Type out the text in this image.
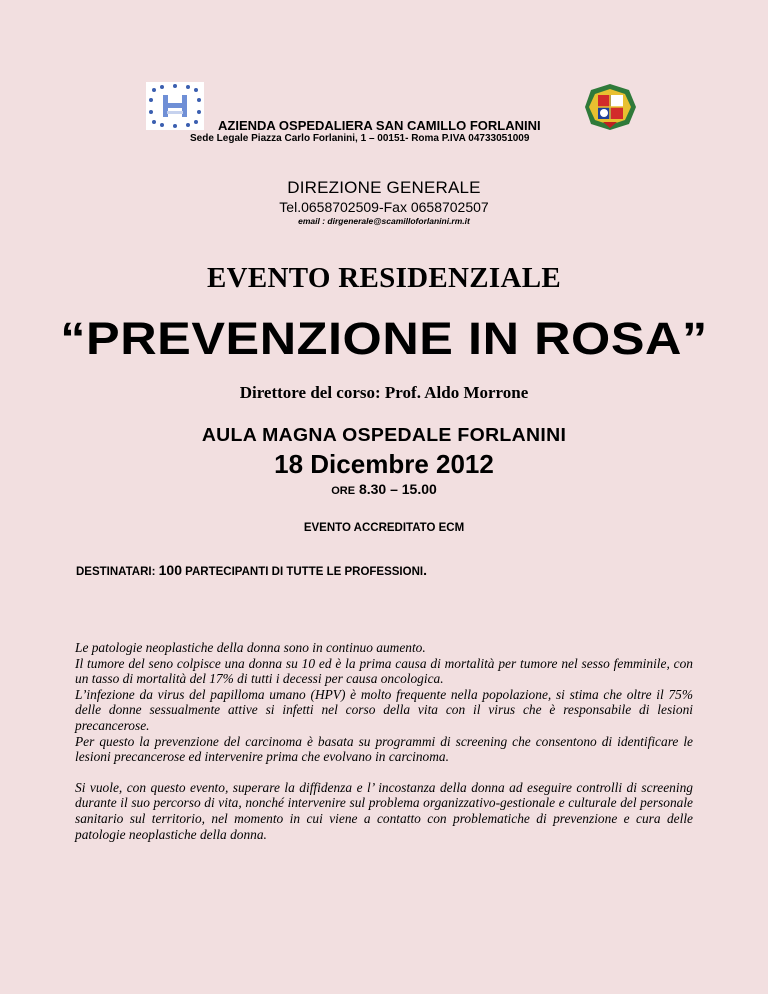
AZIENDA OSPEDALIERA SAN CAMILLO FORLANINI
Sede Legale Piazza Carlo Forlanini, 1 – 00151- Roma P.IVA 04733051009
DIREZIONE GENERALE
Tel.0658702509-Fax 0658702507
email : dirgenerale@scamilloforlanini.rm.it
EVENTO RESIDENZIALE
“PREVENZIONE IN ROSA”
Direttore del corso: Prof. Aldo Morrone
AULA MAGNA OSPEDALE FORLANINI
18 Dicembre 2012
ORE 8.30 – 15.00
EVENTO ACCREDITATO ECM
DESTINATARI: 100 PARTECIPANTI DI TUTTE LE PROFESSIONI.

Le patologie neoplastiche della donna sono in continuo aumento.

Il tumore del seno colpisce una donna su 10 ed è la prima causa di mortalità per tumore nel sesso femminile, con un tasso di mortalità del 17% di tutti i decessi per causa oncologica.

L’infezione da virus del papilloma umano (HPV) è molto frequente nella popolazione, si stima che oltre il 75% delle donne sessualmente attive si infetti nel corso della vita con il virus che è responsabile di lesioni precancerose.

Per questo la prevenzione del carcinoma è basata su programmi di screening che consentono di identificare le lesioni precancerose ed intervenire prima che evolvano in carcinoma.

Si vuole, con questo evento, superare la diffidenza e l’ incostanza della donna ad eseguire controlli di screening durante il suo percorso di vita, nonché intervenire sul problema organizzativo-gestionale e culturale del personale sanitario sul territorio, nel momento in cui viene a contatto con problematiche di prevenzione e cura delle patologie neoplastiche della donna.
